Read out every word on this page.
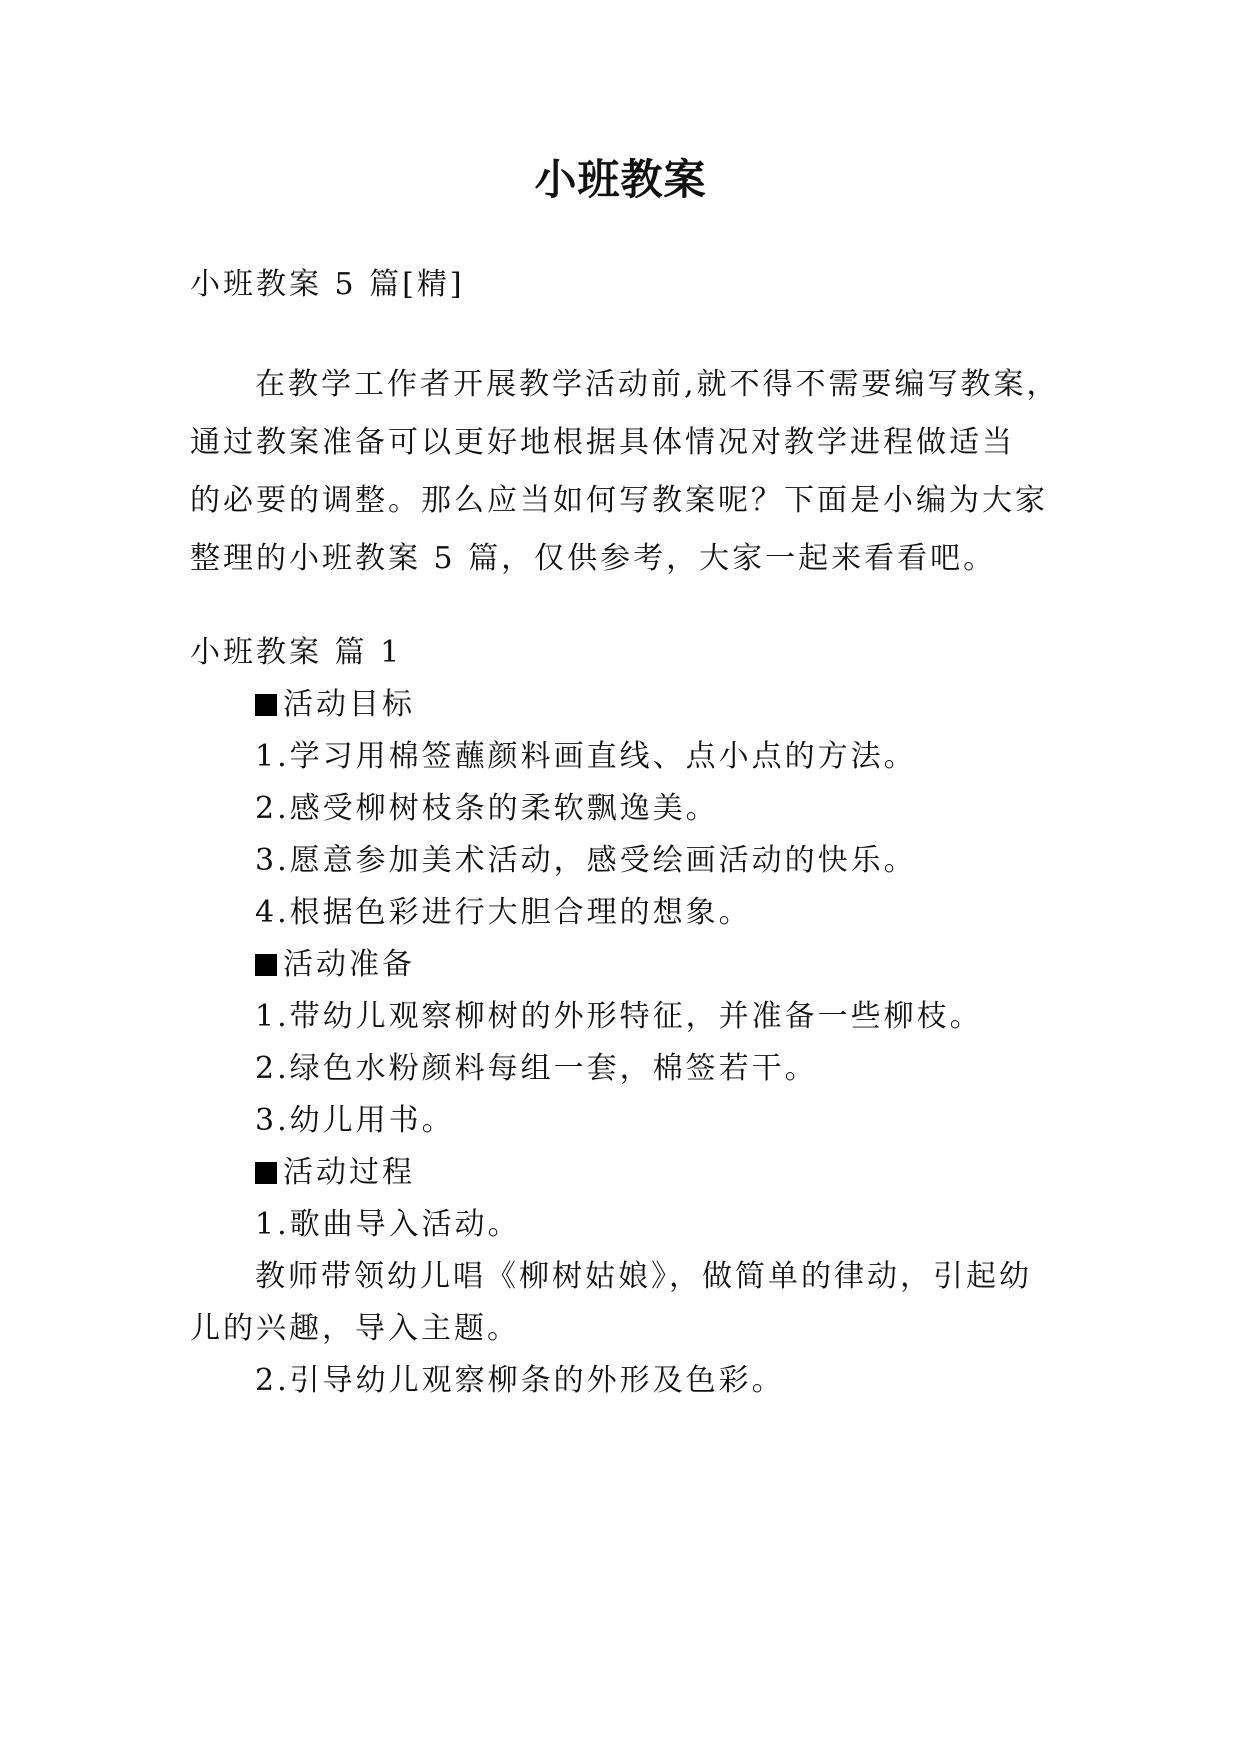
小班教案
小班教案 5 篇[精]
在教学工作者开展教学活动前,就不得不需要编写教案，
通过教案准备可以更好地根据具体情况对教学进程做适当
的必要的调整。那么应当如何写教案呢？下面是小编为大家
整理的小班教案 5 篇，仅供参考，大家一起来看看吧。
小班教案 篇 1
活动目标
1.学习用棉签蘸颜料画直线、点小点的方法。
2.感受柳树枝条的柔软飘逸美。
3.愿意参加美术活动，感受绘画活动的快乐。
4.根据色彩进行大胆合理的想象。
活动准备
1.带幼儿观察柳树的外形特征，并准备一些柳枝。
2.绿色水粉颜料每组一套，棉签若干。
3.幼儿用书。
活动过程
1.歌曲导入活动。
教师带领幼儿唱《柳树姑娘》，做简单的律动，引起幼
儿的兴趣，导入主题。
2.引导幼儿观察柳条的外形及色彩。
